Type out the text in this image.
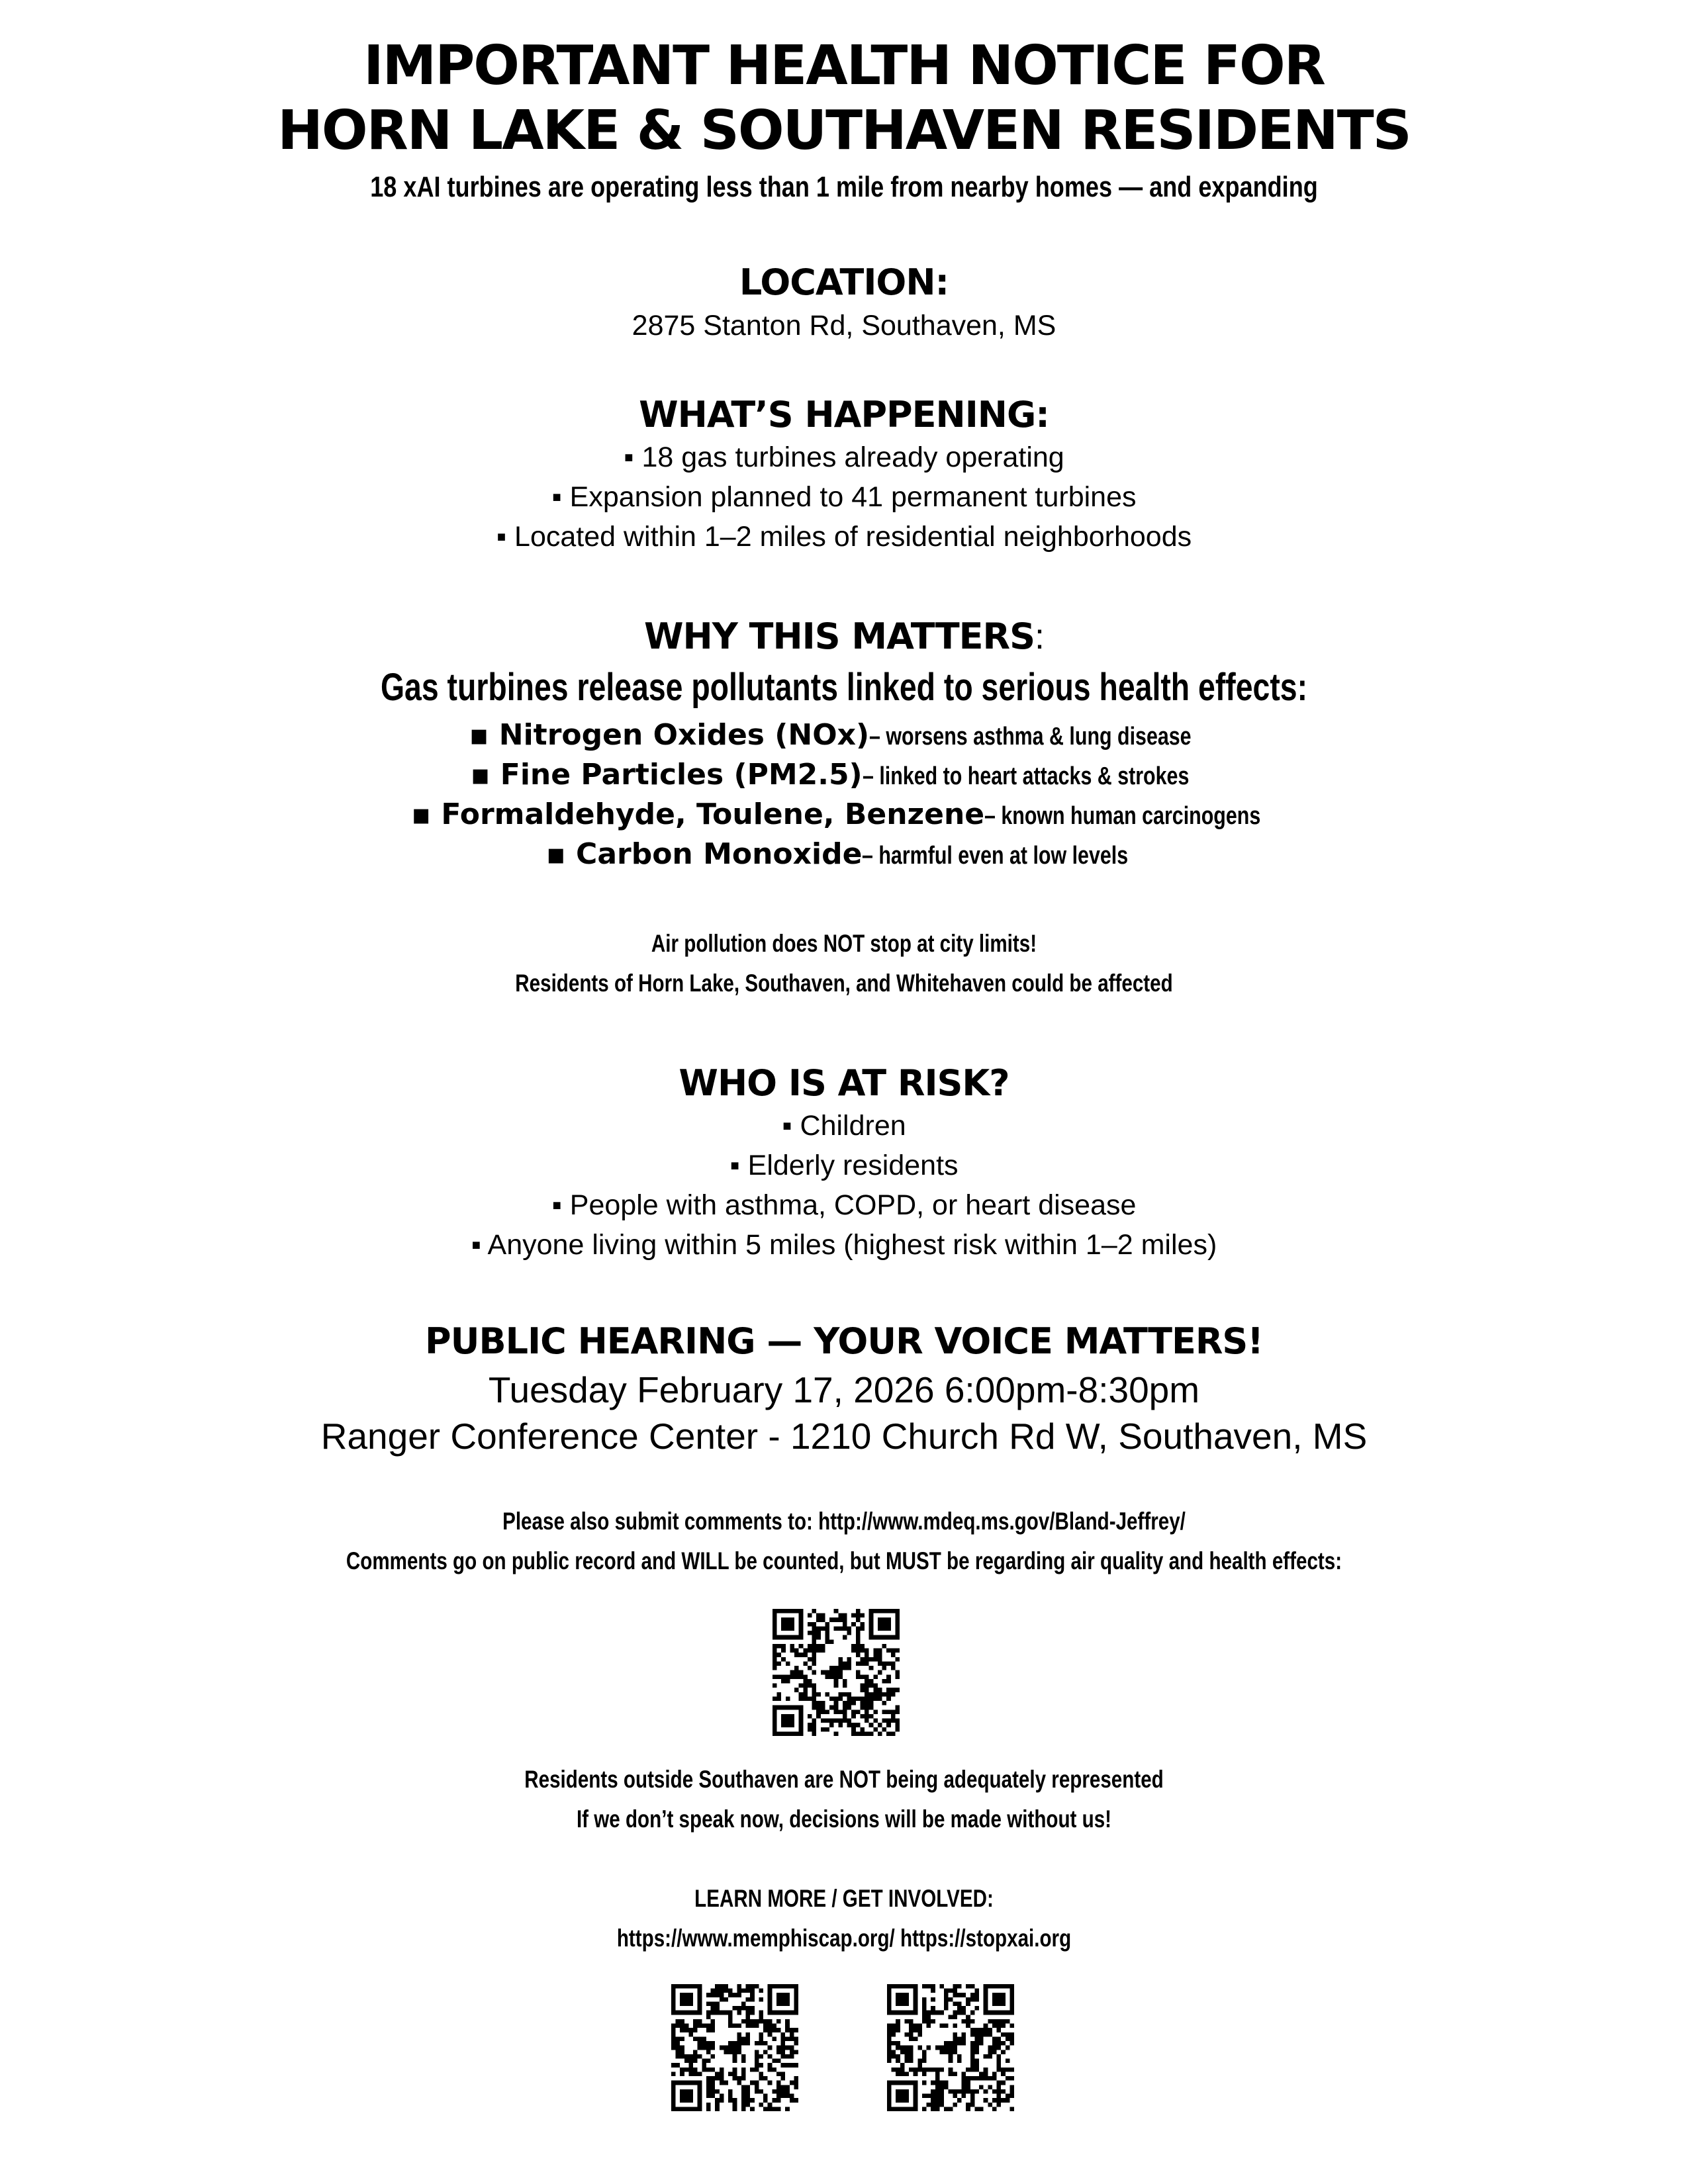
IMPORTANT HEALTH NOTICE FOR
HORN LAKE & SOUTHAVEN RESIDENTS
18 xAI turbines are operating less than 1 mile from nearby homes — and expanding
LOCATION:
2875 Stanton Rd, Southaven, MS
WHAT’S HAPPENING:
▪ 18 gas turbines already operating
▪ Expansion planned to 41 permanent turbines
▪ Located within 1–2 miles of residential neighborhoods
WHY THIS MATTERS:
Gas turbines release pollutants linked to serious health effects:
▪ Nitrogen Oxides (NOx)– worsens asthma & lung disease
▪ Fine Particles (PM2.5)– linked to heart attacks & strokes
▪ Formaldehyde, Toulene, Benzene– known human carcinogens
▪ Carbon Monoxide– harmful even at low levels
Air pollution does NOT stop at city limits!
Residents of Horn Lake, Southaven, and Whitehaven could be affected
WHO IS AT RISK?
▪ Children
▪ Elderly residents
▪ People with asthma, COPD, or heart disease
▪ Anyone living within 5 miles (highest risk within 1–2 miles)
PUBLIC HEARING — YOUR VOICE MATTERS!
Tuesday February 17, 2026 6:00pm-8:30pm
Ranger Conference Center - 1210 Church Rd W, Southaven, MS
Please also submit comments to: http://www.mdeq.ms.gov/Bland-Jeffrey/
Comments go on public record and WILL be counted, but MUST be regarding air quality and health effects:
Residents outside Southaven are NOT being adequately represented
If we don’t speak now, decisions will be made without us!
LEARN MORE / GET INVOLVED:
https://www.memphiscap.org/ https://stopxai.org
